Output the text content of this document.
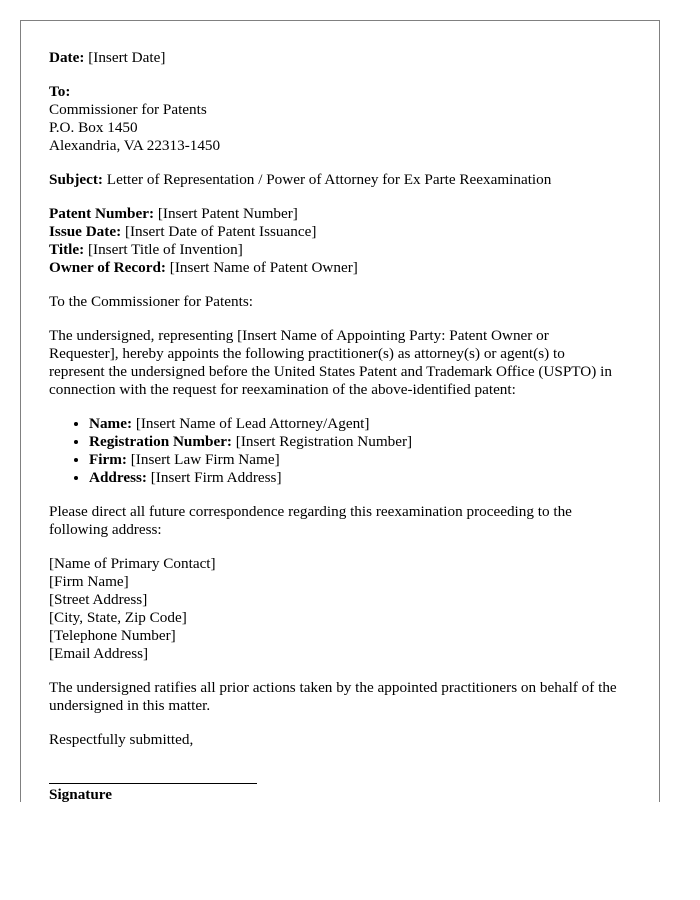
Date: [Insert Date]

To:
Commissioner for Patents
P.O. Box 1450
Alexandria, VA 22313-1450

Subject: Letter of Representation / Power of Attorney for Ex Parte Reexamination

Patent Number: [Insert Patent Number]
Issue Date: [Insert Date of Patent Issuance]
Title: [Insert Title of Invention]
Owner of Record: [Insert Name of Patent Owner]

To the Commissioner for Patents:

The undersigned, representing [Insert Name of Appointing Party: Patent Owner or Requester], hereby appoints the following practitioner(s) as attorney(s) or agent(s) to represent the undersigned before the United States Patent and Trademark Office (USPTO) in connection with the request for reexamination of the above-identified patent:

• Name: [Insert Name of Lead Attorney/Agent]
• Registration Number: [Insert Registration Number]
• Firm: [Insert Law Firm Name]
• Address: [Insert Firm Address]

Please direct all future correspondence regarding this reexamination proceeding to the following address:

[Name of Primary Contact]
[Firm Name]
[Street Address]
[City, State, Zip Code]
[Telephone Number]
[Email Address]

The undersigned ratifies all prior actions taken by the appointed practitioners on behalf of the undersigned in this matter.

Respectfully submitted,

Signature
